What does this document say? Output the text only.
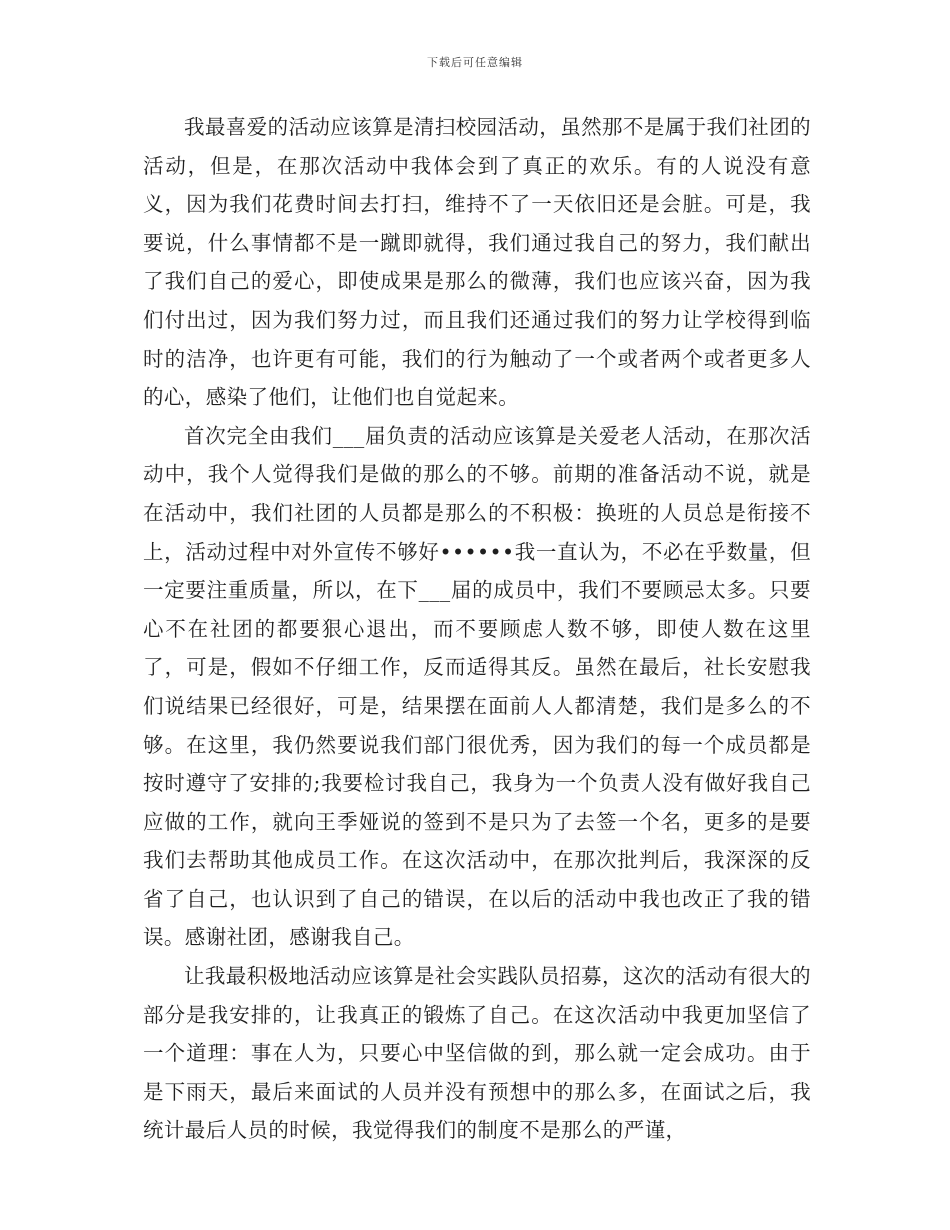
下载后可任意编辑

我最喜爱的活动应该算是清扫校园活动，虽然那不是属于我们社团的活动，但是，在那次活动中我体会到了真正的欢乐。有的人说没有意义，因为我们花费时间去打扫，维持不了一天依旧还是会脏。可是，我要说，什么事情都不是一蹴即就得，我们通过我自己的努力，我们献出了我们自己的爱心，即使成果是那么的微薄，我们也应该兴奋，因为我们付出过，因为我们努力过，而且我们还通过我们的努力让学校得到临时的洁净，也许更有可能，我们的行为触动了一个或者两个或者更多人的心，感染了他们，让他们也自觉起来。

首次完全由我们___届负责的活动应该算是关爱老人活动，在那次活动中，我个人觉得我们是做的那么的不够。前期的准备活动不说，就是在活动中，我们社团的人员都是那么的不积极：换班的人员总是衔接不上，活动过程中对外宣传不够好••••••我一直认为，不必在乎数量，但一定要注重质量，所以，在下___届的成员中，我们不要顾忌太多。只要心不在社团的都要狠心退出，而不要顾虑人数不够，即使人数在这里了，可是，假如不仔细工作，反而适得其反。虽然在最后，社长安慰我们说结果已经很好，可是，结果摆在面前人人都清楚，我们是多么的不够。在这里，我仍然要说我们部门很优秀，因为我们的每一个成员都是按时遵守了安排的;我要检讨我自己，我身为一个负责人没有做好我自己应做的工作，就向王季娅说的签到不是只为了去签一个名，更多的是要我们去帮助其他成员工作。在这次活动中，在那次批判后，我深深的反省了自己，也认识到了自己的错误，在以后的活动中我也改正了我的错误。感谢社团，感谢我自己。

让我最积极地活动应该算是社会实践队员招募，这次的活动有很大的部分是我安排的，让我真正的锻炼了自己。在这次活动中我更加坚信了一个道理：事在人为，只要心中坚信做的到，那么就一定会成功。由于是下雨天，最后来面试的人员并没有预想中的那么多，在面试之后，我统计最后人员的时候，我觉得我们的制度不是那么的严谨，
